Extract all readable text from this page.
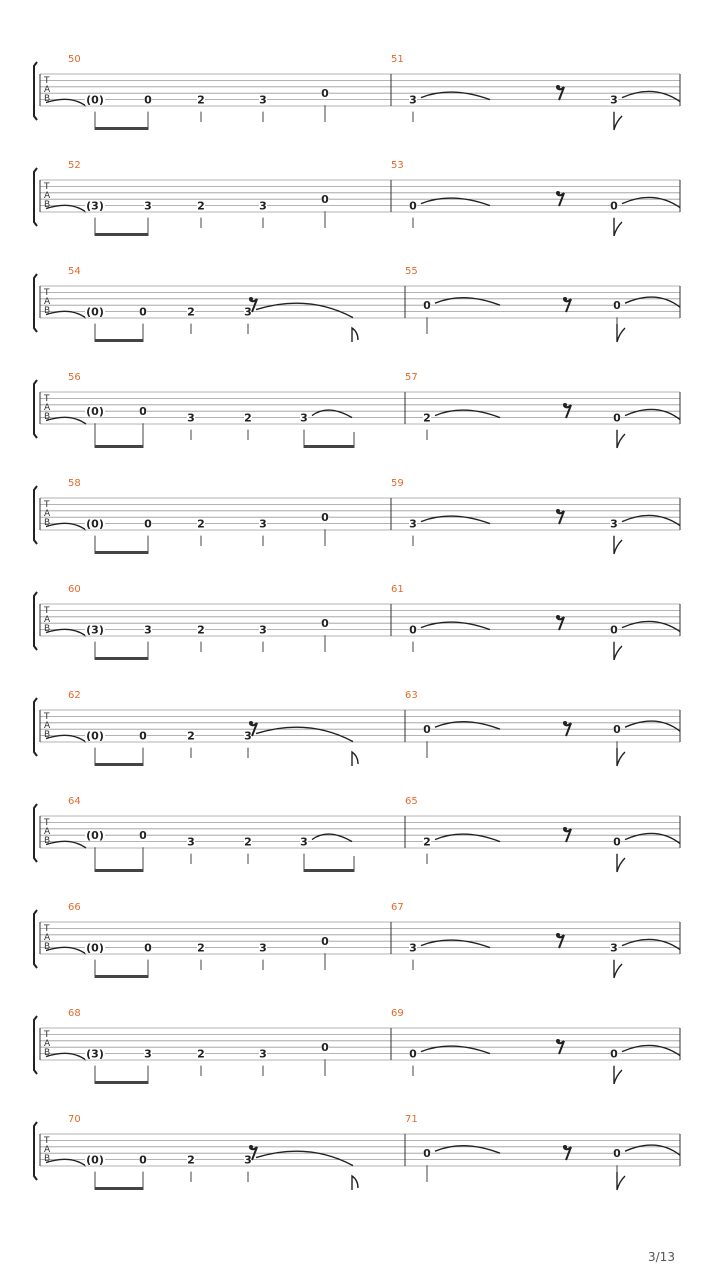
T
A
B
50
(0)	0	2	3	0
51
3	3
T
A
B
52
(3)	3	2	3	0
53
0	0
T
A
B
54
(0)	0	2	3
55
0	0
T
A
B
56
(0)	0	3	2	3
57
2	0
T
A
B
58
(0)	0	2	3	0
59
3	3
T
A
B
60
(3)	3	2	3	0
61
0	0
T
A
B
62
(0)	0	2	3
63
0	0
T
A
B
64
(0)	0	3	2	3
65
2	0
T
A
B
66
(0)	0	2	3	0
67
3	3
T
A
B
68
(3)	3	2	3	0
69
0	0
T
A
B
70
(0)	0	2	3
71
0	0
3/13
